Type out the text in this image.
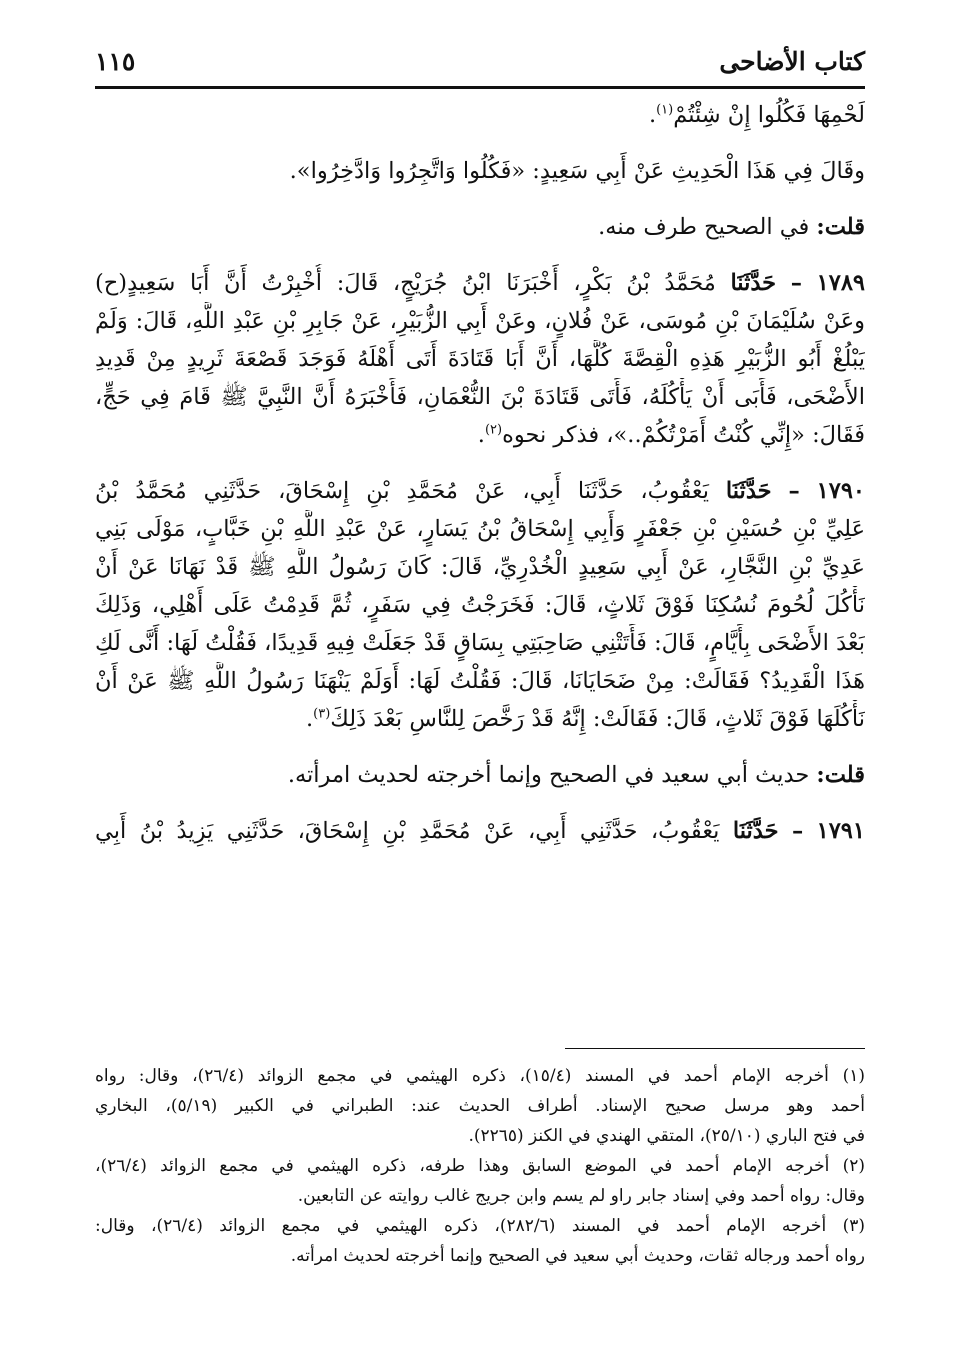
كتاب الأضاحى
١١٥
لَحْمِهَا فَكُلُوا إِنْ شِئْتُمْ$^{(١)}$.
وقَالَ فِي هَذَا الْحَدِيثِ عَنْ أَبِي سَعِيدٍ: «فَكُلُوا وَاتَّجِرُوا وَادَّخِرُوا».
قلت: في الصحيح طرف منه.
١٧٨٩ – حَدَّثَنَا مُحَمَّدُ بْنُ بَكْرٍ، أَخْبَرَنَا ابْنُ جُرَيْجٍ، قَالَ: أُخْبِرْتُ أَنَّ أَبَا سَعِيدٍ(ح)
وعَنْ سُلَيْمَانَ بْنِ مُوسَى، عَنْ فُلانٍ، وعَنْ أَبِي الزُّبَيْرِ، عَنْ جَابِرِ بْنِ عَبْدِ اللَّهِ، قَالَ: وَلَمْ
يَبْلُغْ أَبُو الزُّبَيْرِ هَذِهِ الْقِصَّةَ كُلَّهَا، أَنَّ أَبَا قَتَادَةَ أَتَى أَهْلَهُ فَوَجَدَ قَصْعَةَ ثَرِيدٍ مِنْ قَدِيدِ
الأَضْحَى، فَأَبَى أَنْ يَأْكُلَهُ، فَأَتَى قَتَادَةَ بْنَ النُّعْمَانِ، فَأَخْبَرَهُ أَنَّ النَّبِيَّ ﷺ قَامَ فِي حَجٍّ،
فَقَالَ: «إِنِّي كُنْتُ أَمَرْتُكُمْ..»، فذكر نحوه$^{(٢)}$.
١٧٩٠ – حَدَّثَنَا يَعْقُوبُ، حَدَّثَنَا أَبِي، عَنْ مُحَمَّدِ بْنِ إِسْحَاقَ، حَدَّثَنِي مُحَمَّدُ بْنُ
عَلِيِّ بْنِ حُسَيْنِ بْنِ جَعْفَرٍ وَأَبِي إِسْحَاقُ بْنُ يَسَارٍ، عَنْ عَبْدِ اللَّهِ بْنِ خَبَّابٍ، مَوْلَى بَنِي
عَدِيِّ بْنِ النَّجَّارِ، عَنْ أَبِي سَعِيدٍ الْخُدْرِيِّ، قَالَ: كَانَ رَسُولُ اللَّهِ ﷺ قَدْ نَهَانَا عَنْ أَنْ
نَأْكُلَ لُحُومَ نُسُكِنَا فَوْقَ ثَلاثٍ، قَالَ: فَخَرَجْتُ فِي سَفَرٍ، ثُمَّ قَدِمْتُ عَلَى أَهْلِي، وَذَلِكَ
بَعْدَ الأَضْحَى بِأَيَّامٍ، قَالَ: فَأَتَتْنِي صَاحِبَتِي بِسَاقٍ قَدْ جَعَلَتْ فِيهِ قَدِيدًا، فَقُلْتُ لَهَا: أَنَّى لَكِ
هَذَا الْقَدِيدُ؟ فَقَالَتْ: مِنْ ضَحَايَانَا، قَالَ: فَقُلْتُ لَهَا: أَوَلَمْ يَنْهَنَا رَسُولُ اللَّهِ ﷺ عَنْ أَنْ
نَأْكُلَهَا فَوْقَ ثَلاثٍ، قَالَ: فَقَالَتْ: إِنَّهُ قَدْ رَخَّصَ لِلنَّاسِ بَعْدَ ذَلِكَ$^{(٣)}$.
قلت: حديث أبي سعيد في الصحيح وإنما أخرجته لحديث امرأته.
١٧٩١ – حَدَّثَنَا يَعْقُوبُ، حَدَّثَنِي أَبِي، عَنْ مُحَمَّدِ بْنِ إِسْحَاقَ، حَدَّثَنِي يَزِيدُ بْنُ أَبِي
(١) أخرجه الإمام أحمد في المسند (١٥/٤)، ذكره الهيثمي في مجمع الزوائد (٢٦/٤)، وقال: رواه
أحمد وهو مرسل صحيح الإسناد. أطراف الحديث عند: الطبراني في الكبير (٥/١٩)، البخاري
في فتح الباري (٢٥/١٠)، المتقي الهندي في الكنز (٢٢٦٥).
(٢) أخرجه الإمام أحمد في الموضع السابق وهذا طرفه، ذكره الهيثمي في مجمع الزوائد (٢٦/٤)،
وقال: رواه أحمد وفي إسناد جابر راو لم يسم وابن جريج غالب روايته عن التابعين.
(٣) أخرجه الإمام أحمد في المسند (٢٨٢/٦)، ذكره الهيثمي في مجمع الزوائد (٢٦/٤)، وقال:
رواه أحمد ورجاله ثقات، وحديث أبي سعيد في الصحيح وإنما أخرجته لحديث امرأته.
